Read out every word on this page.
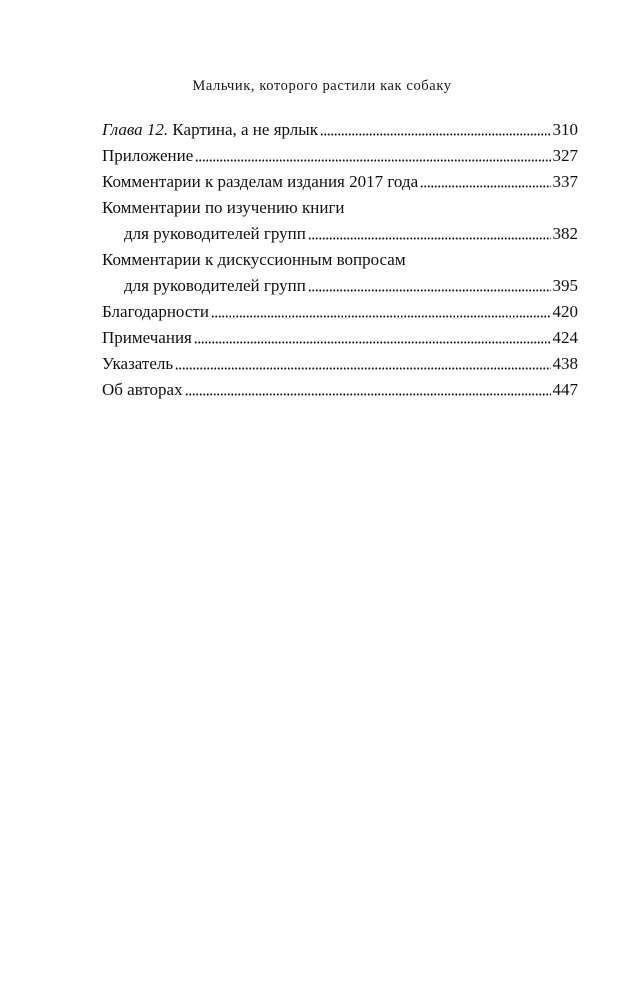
Мальчик, которого растили как собаку
Глава 12. Картина, а не ярлык	310
Приложение	327
Комментарии к разделам издания 2017 года	337
Комментарии по изучению книги
для руководителей групп	382
Комментарии к дискуссионным вопросам
для руководителей групп	395
Благодарности	420
Примечания	424
Указатель	438
Об авторах	447
